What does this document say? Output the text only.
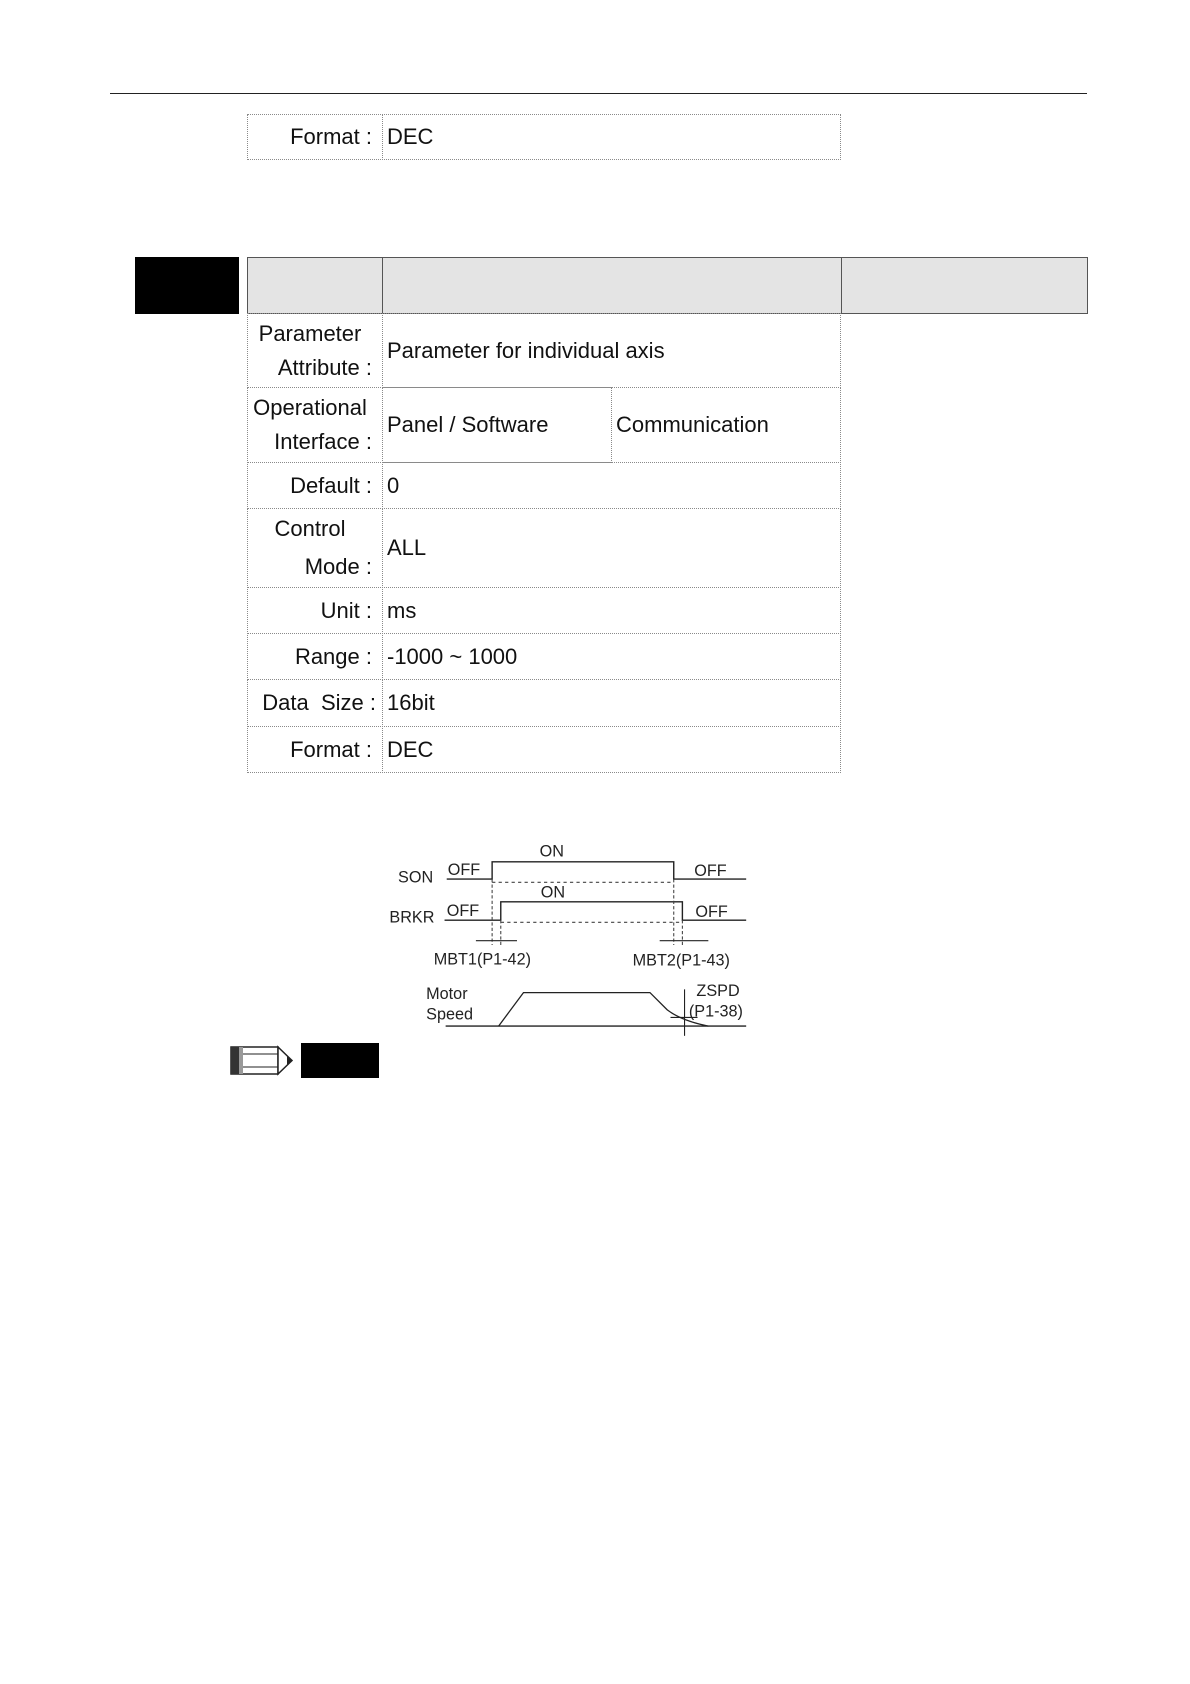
Format : DEC
Parameter
Attribute :
Parameter for individual axis
Operational
Interface :
Panel / Software	Communication
Default : 0
Control
Mode :
ALL
Unit : ms
Range : -1000 ~ 1000
Data  Size : 16bit
Format : DEC
SON OFF
ON
OFF
BRKR OFF
ON
OFF
MBT1(P1-42)	MBT2(P1-43)
Motor
Speed
ZSPD
(P1-38)
